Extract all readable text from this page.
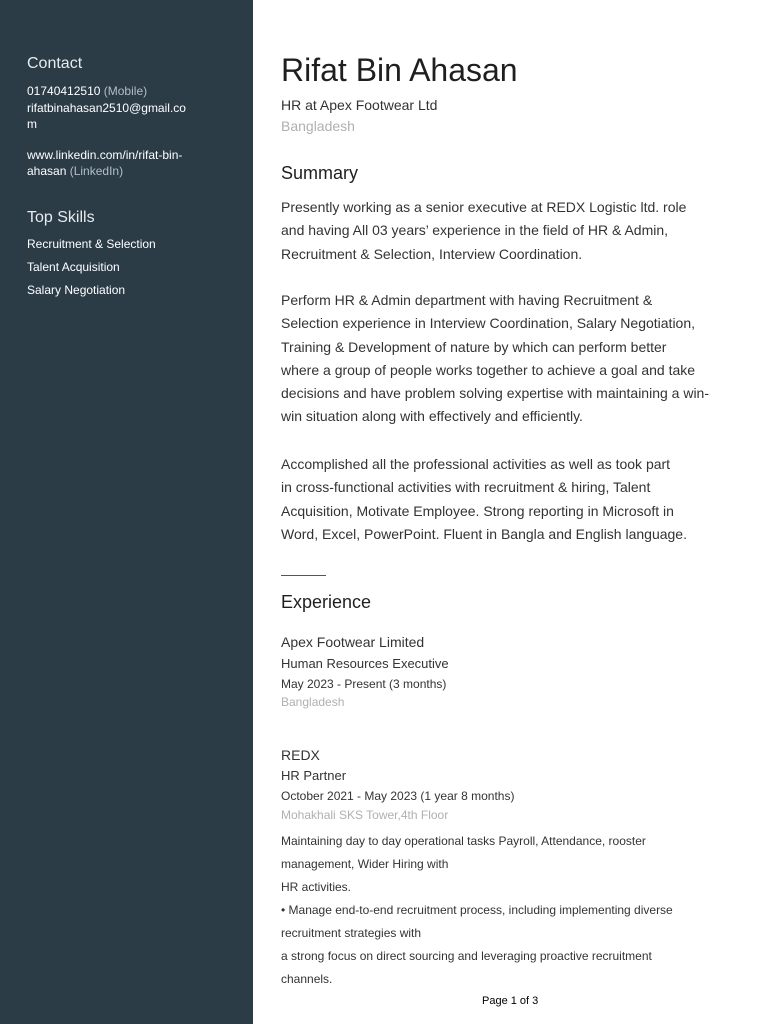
Contact
01740412510 (Mobile)
rifatbinahasan2510@gmail.co
m
www.linkedin.com/in/rifat-bin-
ahasan (LinkedIn)
Top Skills
Recruitment & Selection
Talent Acquisition
Salary Negotiation
Rifat Bin Ahasan
HR at Apex Footwear Ltd
Bangladesh
Summary
Presently working as a senior executive at REDX Logistic ltd. role
and having All 03 years’ experience in the field of HR & Admin,
Recruitment & Selection, Interview Coordination.
Perform HR & Admin department with having Recruitment &
Selection experience in Interview Coordination, Salary Negotiation,
Training & Development of nature by which can perform better
where a group of people works together to achieve a goal and take
decisions and have problem solving expertise with maintaining a win-
win situation along with effectively and efficiently.
Accomplished all the professional activities as well as took part
in cross-functional activities with recruitment & hiring, Talent
Acquisition, Motivate Employee. Strong reporting in Microsoft in
Word, Excel, PowerPoint. Fluent in Bangla and English language.
Experience
Apex Footwear Limited
Human Resources Executive
May 2023 - Present (3 months)
Bangladesh
REDX
HR Partner
October 2021 - May 2023 (1 year 8 months)
Mohakhali SKS Tower,4th Floor
Maintaining day to day operational tasks Payroll, Attendance, rooster
management, Wider Hiring with
HR activities.
• Manage end-to-end recruitment process, including implementing diverse
recruitment strategies with
a strong focus on direct sourcing and leveraging proactive recruitment
channels.
Page 1 of 3
